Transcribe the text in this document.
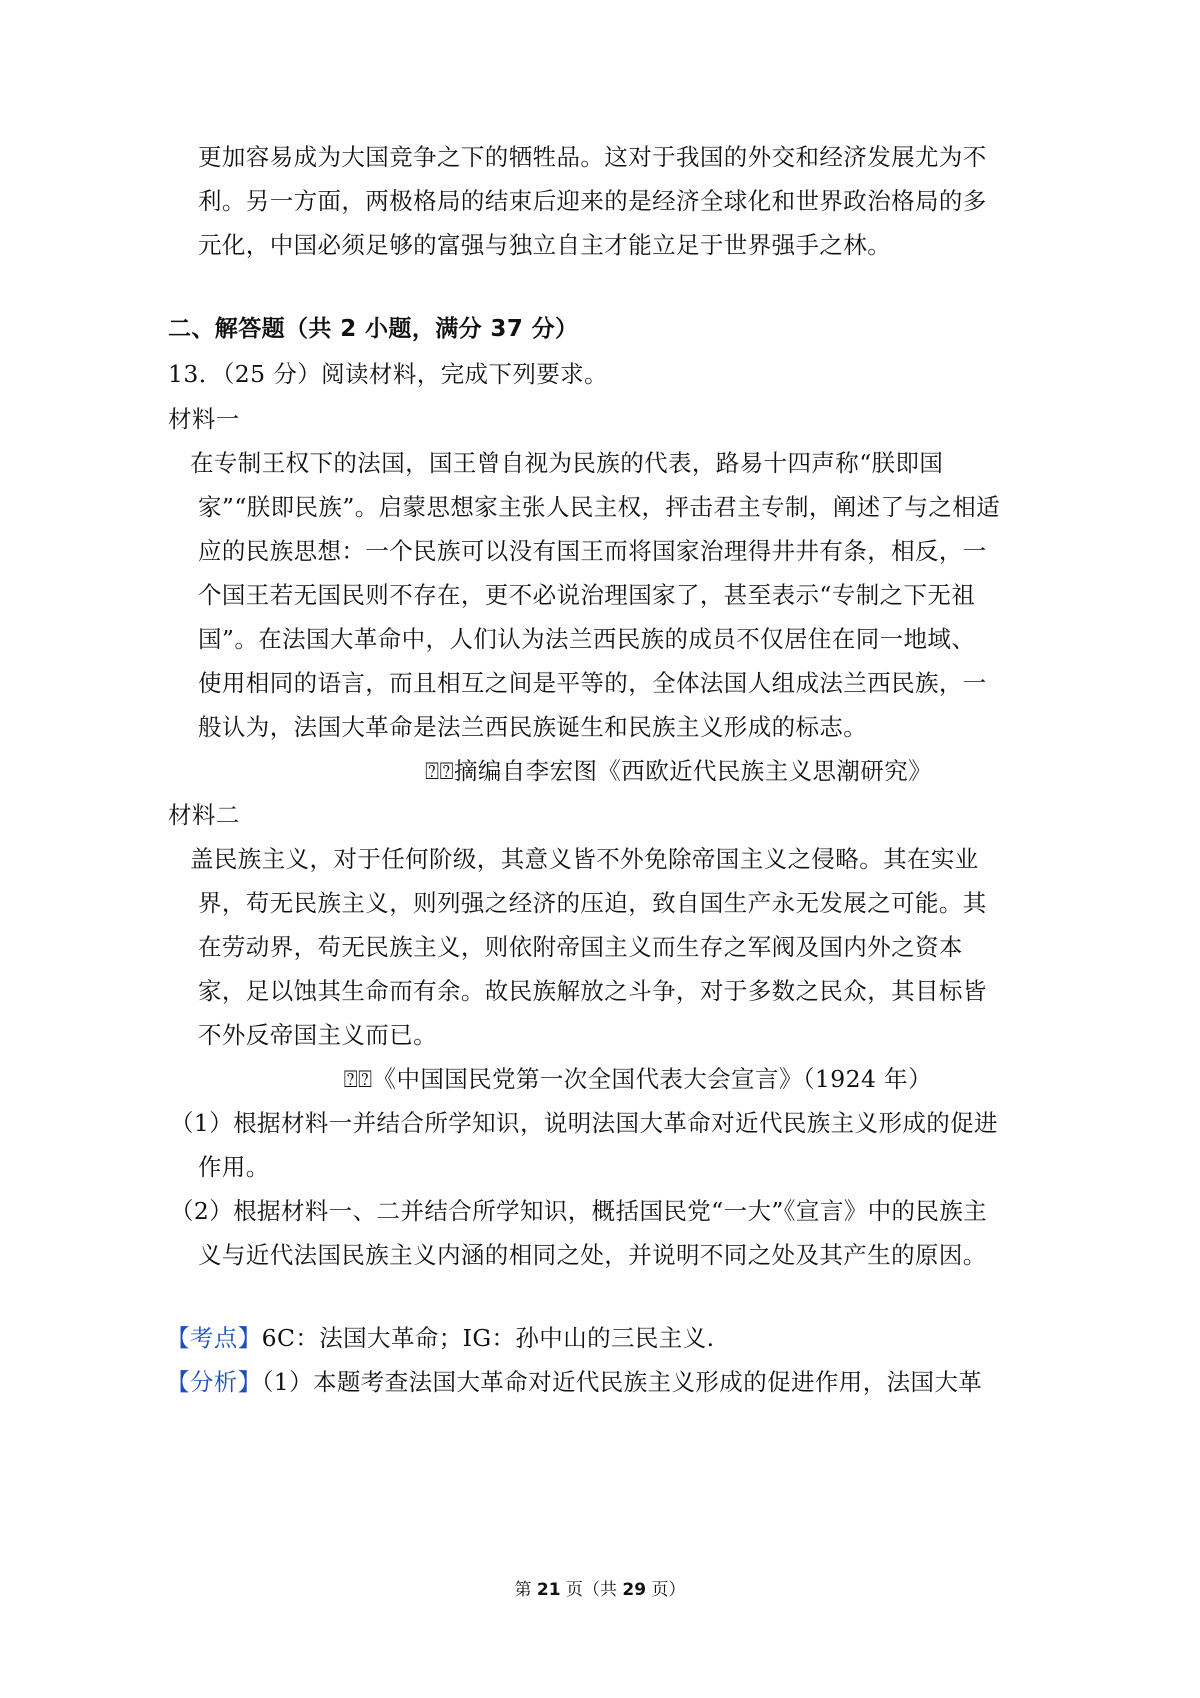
更加容易成为大国竞争之下的牺牲品。这对于我国的外交和经济发展尤为不
利。另一方面，两极格局的结束后迎来的是经济全球化和世界政治格局的多
元化，中国必须足够的富强与独立自主才能立足于世界强手之林。
二、解答题（共 2 小题，满分 37 分）
13．（25 分）阅读材料，完成下列要求。
材料一
在专制王权下的法国，国王曾自视为民族的代表，路易十四声称“朕即国
家”“朕即民族”。启蒙思想家主张人民主权，抨击君主专制，阐述了与之相适
应的民族思想：一个民族可以没有国王而将国家治理得井井有条，相反，一
个国王若无国民则不存在，更不必说治理国家了，甚至表示“专制之下无祖
国”。在法国大革命中，人们认为法兰西民族的成员不仅居住在同一地域、
使用相同的语言，而且相互之间是平等的，全体法国人组成法兰西民族，一
般认为，法国大革命是法兰西民族诞生和民族主义形成的标志。
⍰⍰摘编自李宏图《西欧近代民族主义思潮研究》
材料二
盖民族主义，对于任何阶级，其意义皆不外免除帝国主义之侵略。其在实业
界，苟无民族主义，则列强之经济的压迫，致自国生产永无发展之可能。其
在劳动界，苟无民族主义，则依附帝国主义而生存之军阀及国内外之资本
家，足以蚀其生命而有余。故民族解放之斗争，对于多数之民众，其目标皆
不外反帝国主义而已。
⍰⍰《中国国民党第一次全国代表大会宣言》（1924 年）
（1）根据材料一并结合所学知识，说明法国大革命对近代民族主义形成的促进
作用。
（2）根据材料一、二并结合所学知识，概括国民党“一大”《宣言》中的民族主
义与近代法国民族主义内涵的相同之处，并说明不同之处及其产生的原因。
【考点】6C：法国大革命；IG：孙中山的三民主义.
【分析】（1）本题考查法国大革命对近代民族主义形成的促进作用，法国大革
第 21 页（共 29 页）
